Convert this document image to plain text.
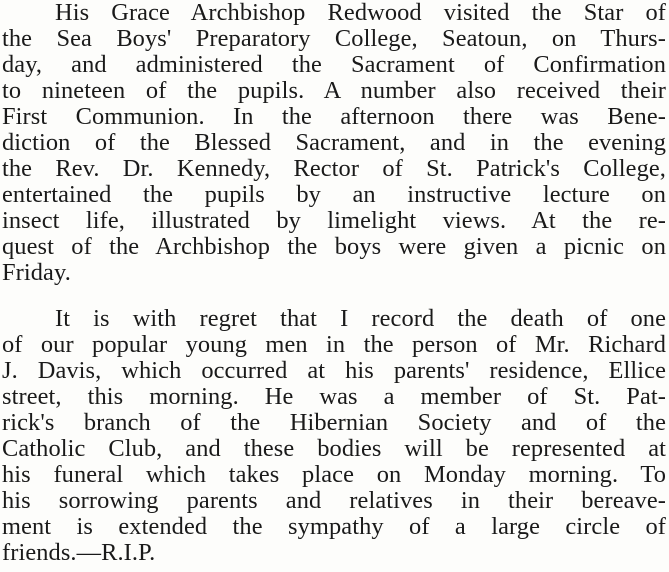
His Grace Archbishop Redwood visited the Star of
the Sea Boys' Preparatory College, Seatoun, on Thurs-
day, and administered the Sacrament of Confirmation
to nineteen of the pupils. A number also received their
First Communion. In the afternoon there was Bene-
diction of the Blessed Sacrament, and in the evening
the Rev. Dr. Kennedy, Rector of St. Patrick's College,
entertained the pupils by an instructive lecture on
insect life, illustrated by limelight views. At the re-
quest of the Archbishop the boys were given a picnic on
Friday.
It is with regret that I record the death of one
of our popular young men in the person of Mr. Richard
J. Davis, which occurred at his parents' residence, Ellice
street, this morning. He was a member of St. Pat-
rick's branch of the Hibernian Society and of the
Catholic Club, and these bodies will be represented at
his funeral which takes place on Monday morning. To
his sorrowing parents and relatives in their bereave-
ment is extended the sympathy of a large circle of
friends.—R.I.P.
